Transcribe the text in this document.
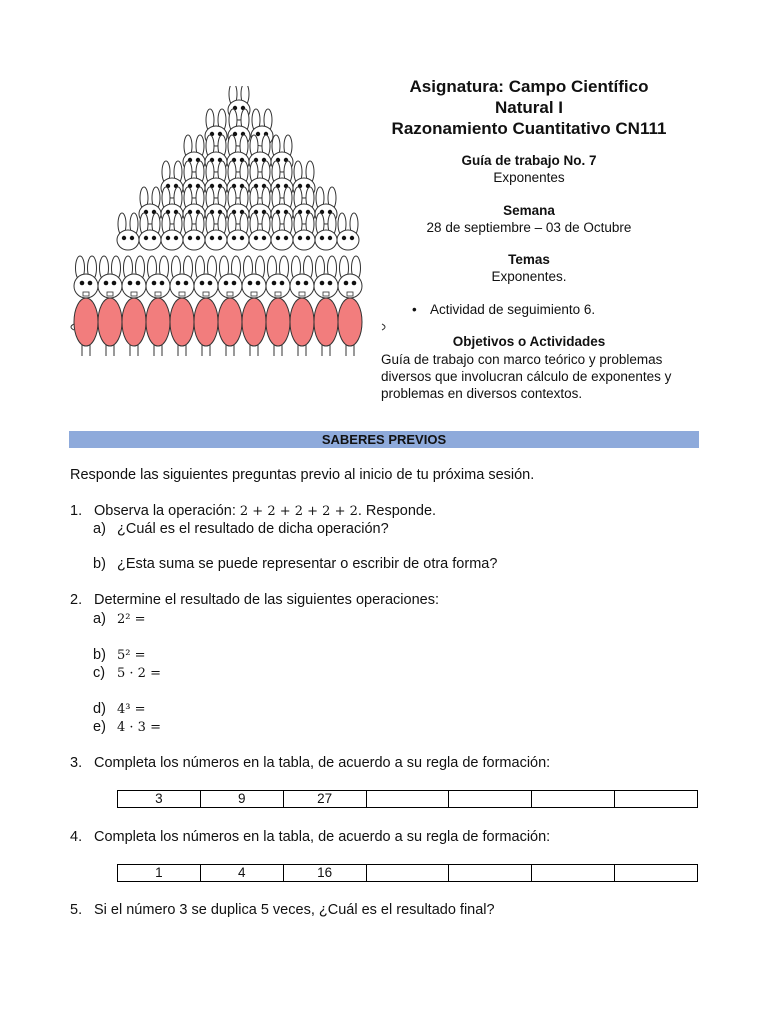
Asignatura: Campo Científico
Natural I
Razonamiento Cuantitativo CN111
Guía de trabajo No. 7
Exponentes
Semana
28 de septiembre – 03 de Octubre
Temas
Exponentes.
• Actividad de seguimiento 6.
Objetivos o Actividades
Guía de trabajo con marco teórico y problemas diversos que involucran cálculo de exponentes y problemas en diversos contextos.
SABERES PREVIOS
Responde las siguientes preguntas previo al inicio de tu próxima sesión.
1. Observa la operación: 2 + 2 + 2 + 2 + 2. Responde.
a) ¿Cuál es el resultado de dicha operación?
b) ¿Esta suma se puede representar o escribir de otra forma?
2. Determine el resultado de las siguientes operaciones:
a) 2² =
b) 5² =
c) 5 · 2 =
d) 4³ =
e) 4 · 3 =
3. Completa los números en la tabla, de acuerdo a su regla de formación:
3	9	27				
4. Completa los números en la tabla, de acuerdo a su regla de formación:
1	4	16				
5. Si el número 3 se duplica 5 veces, ¿Cuál es el resultado final?
